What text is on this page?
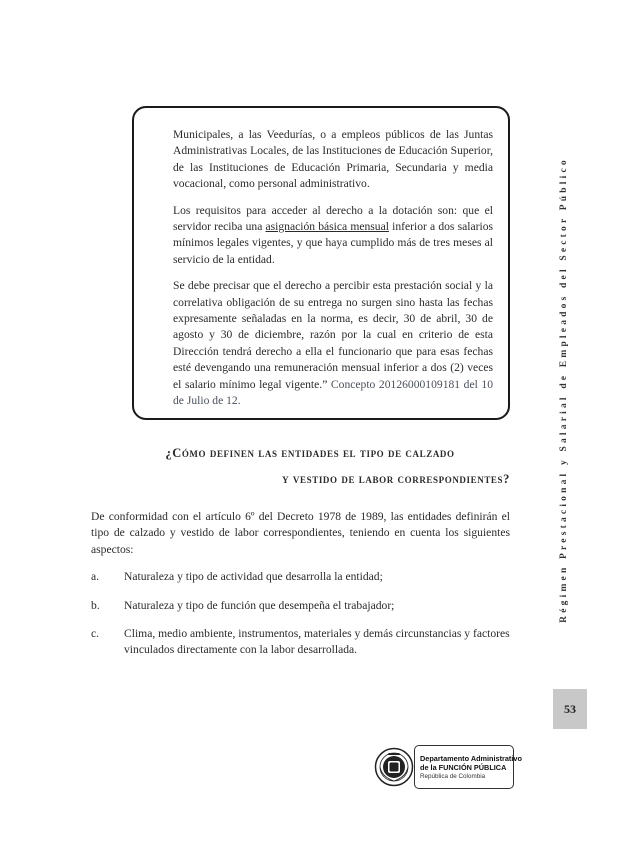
Municipales, a las Veedurías, o a empleos públicos de las Juntas Administrativas Locales, de las Instituciones de Educación Superior, de las Instituciones de Educación Primaria, Secundaria y media vocacional, como personal administrativo.

Los requisitos para acceder al derecho a la dotación son: que el servidor reciba una asignación básica mensual inferior a dos salarios mínimos legales vigentes, y que haya cumplido más de tres meses al servicio de la entidad.

Se debe precisar que el derecho a percibir esta prestación social y la correlativa obligación de su entrega no surgen sino hasta las fechas expresamente señaladas en la norma, es decir, 30 de abril, 30 de agosto y 30 de diciembre, razón por la cual en criterio de esta Dirección tendrá derecho a ella el funcionario que para esas fechas esté devengando una remuneración mensual inferior a dos (2) veces el salario mínimo legal vigente.” Concepto 20126000109181 del 10 de Julio de 12.

¿Cómo definen las entidades el tipo de calzado
y vestido de labor correspondientes?

De conformidad con el artículo 6º del Decreto 1978 de 1989, las entidades definirán el tipo de calzado y vestido de labor correspondientes, teniendo en cuenta los siguientes aspectos:

a. Naturaleza y tipo de actividad que desarrolla la entidad;
b. Naturaleza y tipo de función que desempeña el trabajador;
c. Clima, medio ambiente, instrumentos, materiales y demás circunstancias y factores vinculados directamente con la labor desarrollada.
Régimen Prestacional y Salarial de Empleados del Sector Público
53
Departamento Administrativo
de la FUNCIÓN PÚBLICA
República de Colombia
